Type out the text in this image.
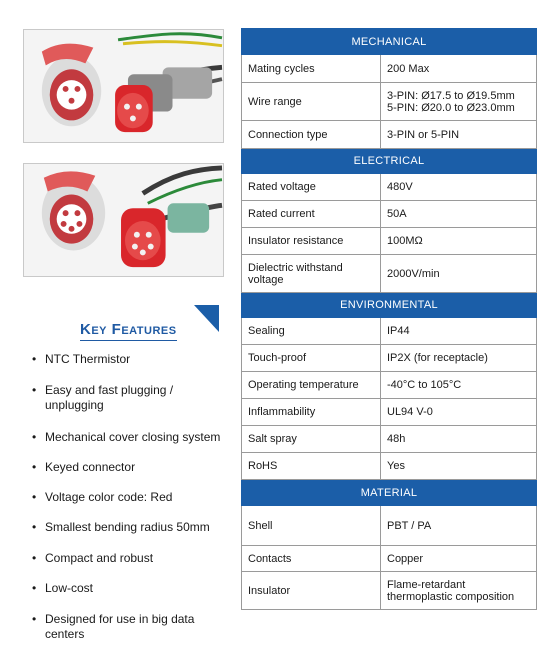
Key Features
• NTC Thermistor
• Easy and fast plugging / unplugging
• Mechanical cover closing system
• Keyed connector
• Voltage color code: Red
• Smallest bending radius 50mm
• Compact and robust
• Low-cost
• Designed for use in big data centers
MECHANICAL	
Mating cycles	200 Max
Wire range	3-PIN: Ø17.5 to Ø19.5mm
5-PIN: Ø20.0 to Ø23.0mm

Connection type	3-PIN or 5-PIN
ELECTRICAL	
Rated voltage	480V
Rated current	50A
Insulator resistance	100MΩ
Dielectric withstand voltage	2000V/min
ENVIRONMENTAL	
Sealing	IP44
Touch-proof	IP2X (for receptacle)
Operating temperature	-40°C to 105°C
Inflammability	UL94 V-0
Salt spray	48h
RoHS	Yes
MATERIAL	
Shell	PBT / PA
Contacts	Copper
Insulator	Flame-retardant thermoplastic composition
